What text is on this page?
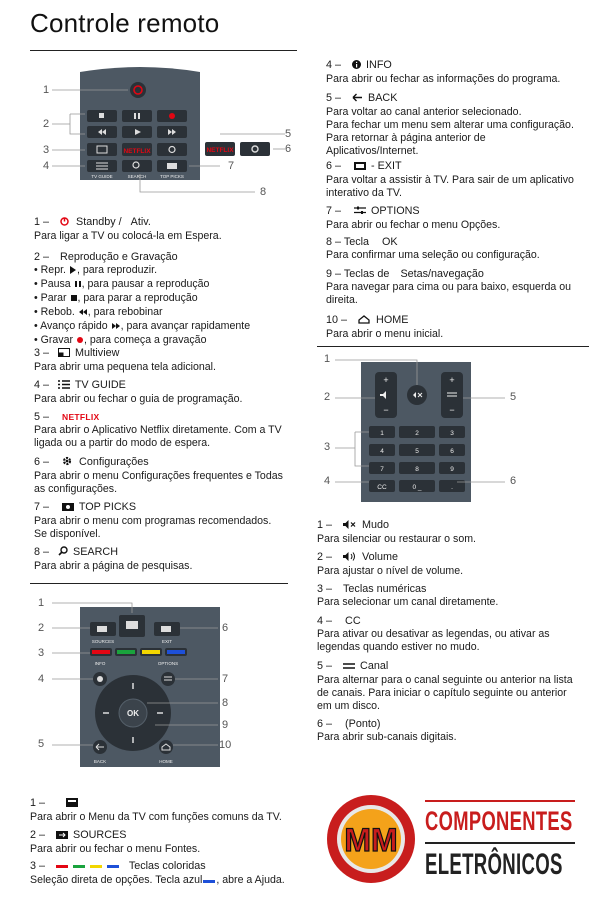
Controle remoto
NETFLIX
TV GUIDE	SEARCH	TOP PICKS
NETFLIX
1
2
3
4
5
6
7
8
1 –	Standby / Ativ.

Para ligar a TV ou colocá-la em Espera.

2 – Reprodução e Gravação

• Repr. , para reproduzir.

• Pausa , para pausar a reprodução

• Parar , para parar a reprodução

• Rebob. , para rebobinar

• Avanço rápido , para avançar rapidamente

• Gravar , para começa a gravação

3 – Multiview

Para abrir uma pequena tela adicional.

4 – TV GUIDE

Para abrir ou fechar o guia de programação.

5 – NETFLIX

Para abrir o Aplicativo Netflix diretamente. Com a TV

ligada ou a partir do modo de espera.

6 –	Configurações

Para abrir o menu Configurações frequentes e Todas

as configurações.

7 –	TOP PICKS

Para abrir o menu com programas recomendados.

Se disponível.

8 – SEARCH

Para abrir a página de pesquisas.

SOURCES	EXIT
INFO	OPTIONS
OK
BACK	HOME
1
2
3
4
5
6
7
8
9
10
1 –

Para abrir o Menu da TV com funções comuns da TV.

2 –	SOURCES

Para abrir ou fechar o menu Fontes.

3 –	Teclas coloridas

Seleção direta de opções. Tecla azul , abre a Ajuda.

4 – INFO

Para abrir ou fechar as informações do programa.

5 –	BACK

Para voltar ao canal anterior selecionado.

Para fechar um menu sem alterar uma configuração.

Para retornar à página anterior de

Aplicativos/Internet.

6 –	- EXIT

Para voltar a assistir à TV. Para sair de um aplicativo

interativo da TV.

7 –	OPTIONS

Para abrir ou fechar o menu Opções.

8 – Tecla OK

Para confirmar uma seleção ou configuração.

9 – Teclas de Setas/navegação

Para navegar para cima ou para baixo, esquerda ou

direita.

10 –	HOME

Para abrir o menu inicial.

+
−
+
−
1	2	3
4	5	6
7	8	9
CC	0 _	.
1
2
3
4
5
6
1 –	Mudo

Para silenciar ou restaurar o som.

2 –	Volume

Para ajustar o nível de volume.

3 – Teclas numéricas

Para selecionar um canal diretamente.

4 – CC

Para ativar ou desativar as legendas, ou ativar as

legendas quando estiver no mudo.

5 –	Canal

Para alternar para o canal seguinte ou anterior na lista

de canais. Para iniciar o capítulo seguinte ou anterior

em um disco.

6 – (Ponto)

Para abrir sub-canais digitais.

MM
COMPONENTES
ELETRÔNICOS
